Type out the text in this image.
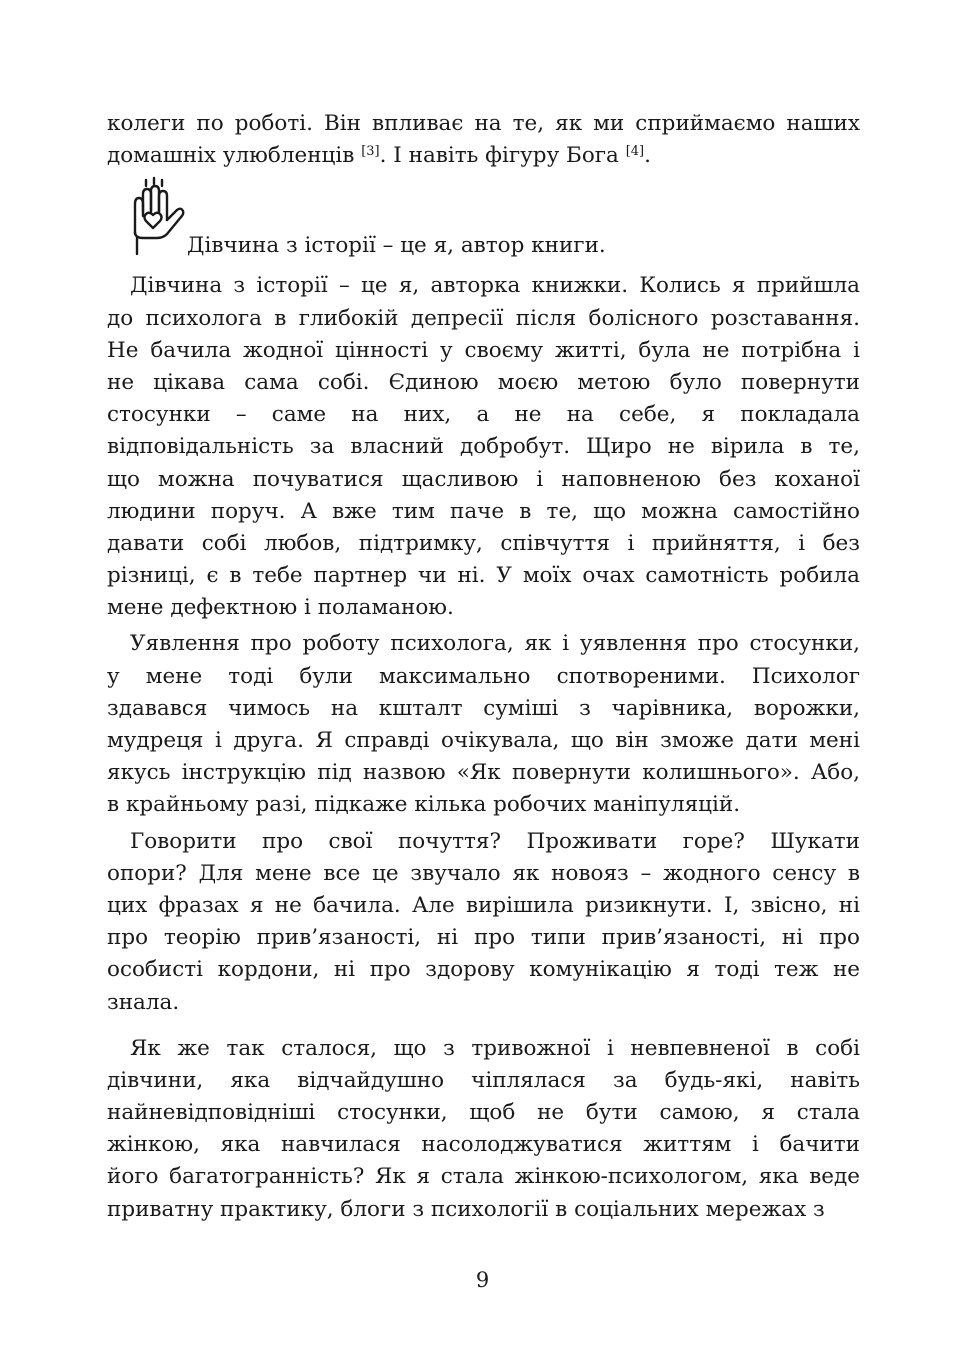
колеги по роботі. Він впливає на те, як ми сприймаємо наших
домашніх улюбленців [3]. І навіть фігуру Бога [4].
Дівчина з історії – це я, автор книги.
Дівчина з історії – це я, авторка книжки. Колись я прийшла
до психолога в глибокій депресії після болісного розставання.
Не бачила жодної цінності у своєму житті, була не потрібна і
не цікава сама собі. Єдиною моєю метою було повернути
стосунки – саме на них, а не на себе, я покладала
відповідальність за власний добробут. Щиро не вірила в те,
що можна почуватися щасливою і наповненою без коханої
людини поруч. А вже тим паче в те, що можна самостійно
давати собі любов, підтримку, співчуття і прийняття, і без
різниці, є в тебе партнер чи ні. У моїх очах самотність робила
мене дефектною і поламаною.
Уявлення про роботу психолога, як і уявлення про стосунки,
у мене тоді були максимально спотвореними. Психолог
здавався чимось на кшталт суміші з чарівника, ворожки,
мудреця і друга. Я справді очікувала, що він зможе дати мені
якусь інструкцію під назвою «Як повернути колишнього». Або,
в крайньому разі, підкаже кілька робочих маніпуляцій.
Говорити про свої почуття? Проживати горе? Шукати
опори? Для мене все це звучало як новояз – жодного сенсу в
цих фразах я не бачила. Але вирішила ризикнути. І, звісно, ні
про теорію прив’язаності, ні про типи прив’язаності, ні про
особисті кордони, ні про здорову комунікацію я тоді теж не
знала.
Як же так сталося, що з тривожної і невпевненої в собі
дівчини, яка відчайдушно чіплялася за будь-які, навіть
найневідповідніші стосунки, щоб не бути самою, я стала
жінкою, яка навчилася насолоджуватися життям і бачити
його багатогранність? Як я стала жінкою-психологом, яка веде
приватну практику, блоги з психології в соціальних мережах з
9
